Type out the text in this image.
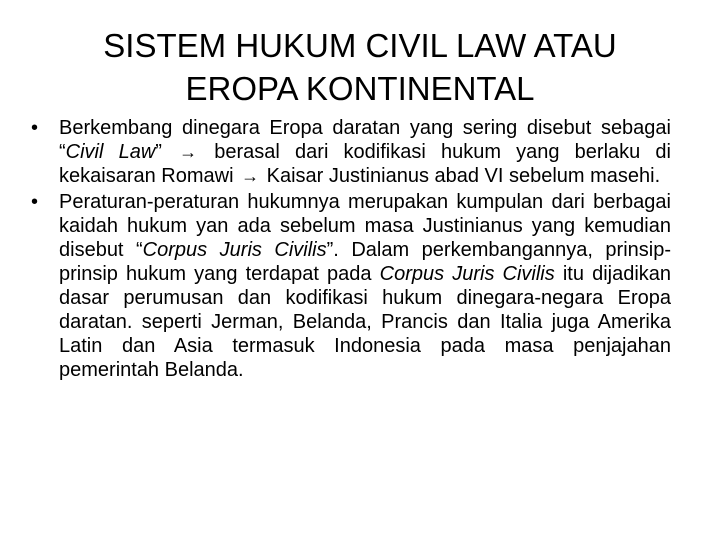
SISTEM HUKUM CIVIL LAW ATAU
EROPA KONTINENTAL
• Berkembang dinegara Eropa daratan yang sering disebut sebagai “Civil Law” → berasal dari kodifikasi hukum yang berlaku di kekaisaran Romawi → Kaisar Justinianus abad VI sebelum masehi.
• Peraturan-peraturan hukumnya merupakan kumpulan dari berbagai kaidah hukum yan ada sebelum masa Justinianus yang kemudian disebut “Corpus Juris Civilis”. Dalam perkembangannya, prinsip-prinsip hukum yang terdapat pada Corpus Juris Civilis itu dijadikan dasar perumusan dan kodifikasi hukum dinegara-negara Eropa daratan. seperti Jerman, Belanda, Prancis dan Italia juga Amerika Latin dan Asia termasuk Indonesia pada masa penjajahan pemerintah Belanda.
